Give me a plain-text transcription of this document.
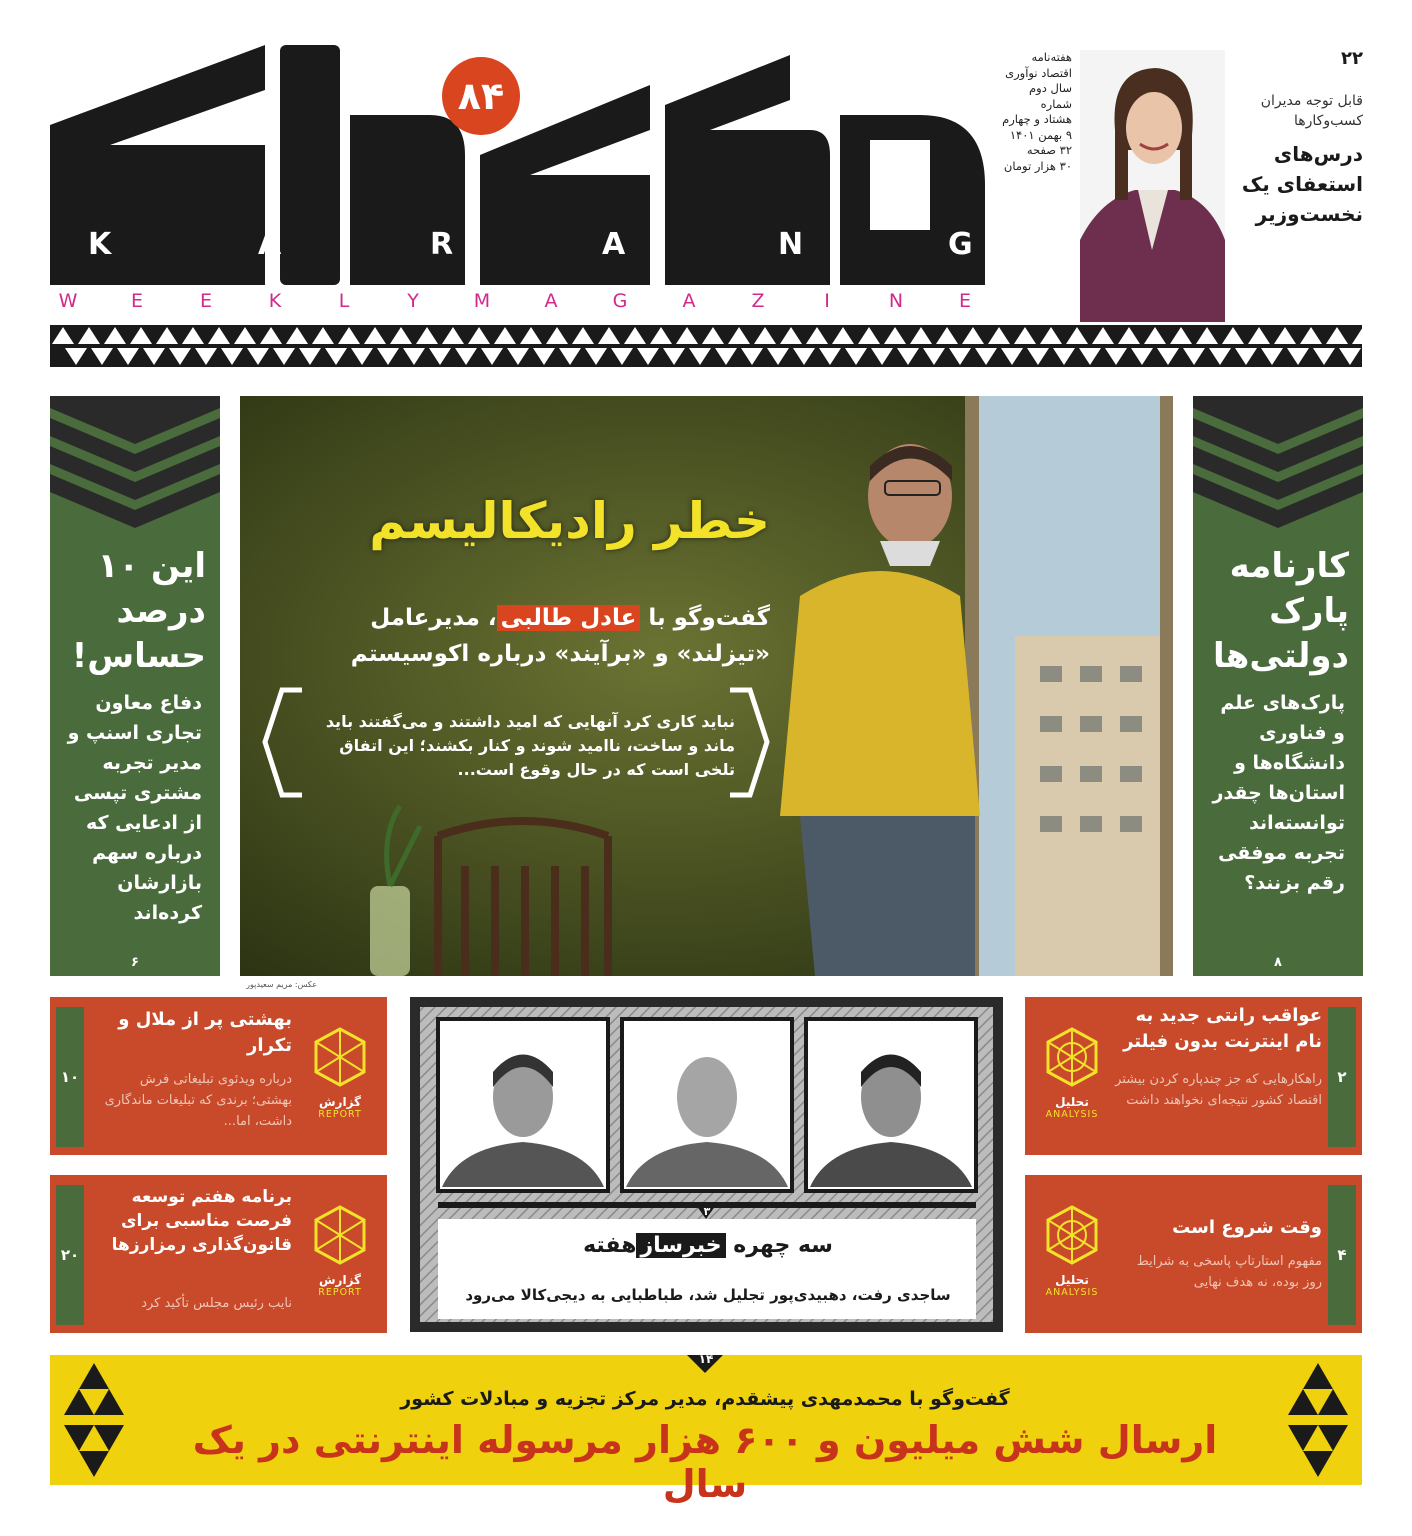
K	A	R	A	N	G
۸۴
W	E	E	K	L	Y	M	A	G	A	Z	I	N	E
هفته‌نامه
اقتصاد نوآوری
سال دوم
شماره
هشتاد و چهارم
۹ بهمن ۱۴۰۱
۳۲ صفحه
۳۰ هزار تومان
۲۲
قابل توجه مدیران کسب‌وکارها
درس‌های استعفای یک نخست‌وزیر
این ۱۰ درصد حساس!
دفاع معاون تجاری اسنپ و مدیر تجربه مشتری تپسی از ادعایی که درباره سهم بازارشان کرده‌اند
۶
کارنامه پارک دولتی‌ها
پارک‌های علم و فناوری دانشگاه‌ها و استان‌ها چقدر توانسته‌اند تجربه موفقی رقم بزنند؟
۸
خطر رادیکالیسم
گفت‌وگو با عادل طالبی، مدیرعامل
«تیزلند» و «برآیند» درباره اکوسیستم
نباید کاری کرد آنهایی که امید داشتند و می‌گفتند باید ماند و ساخت، ناامید شوند و کنار بکشند؛ این اتفاق تلخی است که در حال وقوع است...
عکس: مریم سعیدپور
۱۰
گزارش
REPORT
بهشتی پر از ملال و تکرار
درباره ویدئوی تبلیغاتی فرش بهشتی؛ برندی که تبلیغات ماندگاری داشت، اما...
۲۰
گزارش
REPORT
برنامه هفتم توسعه فرصت مناسبی برای قانون‌گذاری رمزارزها
نایب رئیس مجلس تأکید کرد
۲
تحلیل
ANALYSIS
عواقب رانتی جدید به نام اینترنت بدون فیلتر
راهکارهایی که جز چندپاره کردن بیشتر اقتصاد کشور نتیجه‌ای نخواهند داشت
۴
تحلیل
ANALYSIS
وقت شروع است
مفهوم استارتاپ پاسخی به شرایط روز بوده، نه هدف نهایی
۳
سه چهره خبرسازهفته
ساجدی رفت، دهبیدی‌پور تجلیل شد، طباطبایی به دیجی‌کالا می‌رود
۱۴
گفت‌وگو با محمدمهدی پیشقدم، مدیر مرکز تجزیه و مبادلات کشور
ارسال شش میلیون و ۶۰۰ هزار مرسوله اینترنتی در یک سال
